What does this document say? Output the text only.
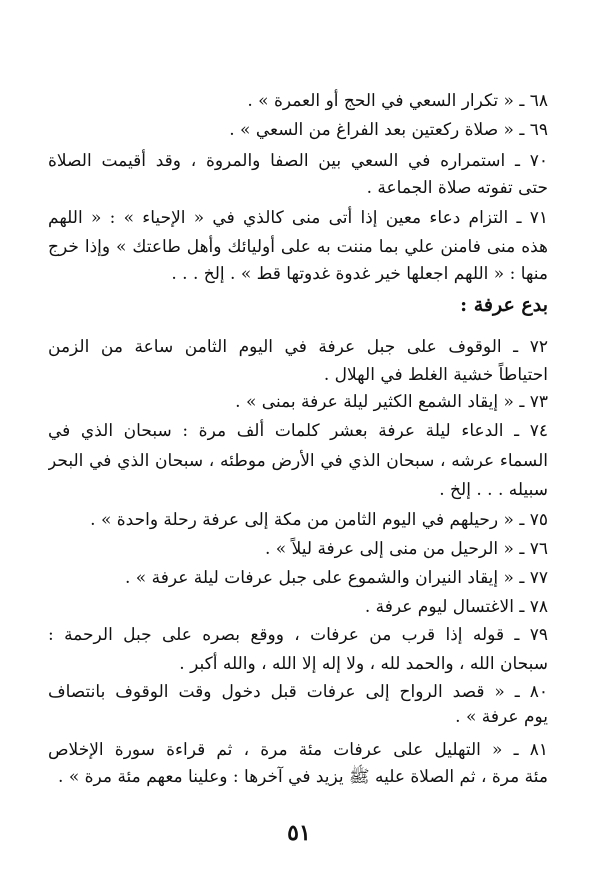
٦٨ ـ « تكرار السعي في الحج أو العمرة » .
٦٩ ـ « صلاة ركعتين بعد الفراغ من السعي » .
٧٠ ـ استمراره في السعي بين الصفا والمروة ، وقد أقيمت الصلاة
حتى تفوته صلاة الجماعة .
٧١ ـ التزام دعاء معين إذا أتى منى كالذي في « الإحياء » : « اللهم
هذه منى فامنن علي بما مننت به على أوليائك وأهل طاعتك » وإذا خرج
منها : « اللهم اجعلها خير غدوة غدوتها قط » . إلخ . . .
بدع عرفة :
٧٢ ـ الوقوف على جبل عرفة في اليوم الثامن ساعة من الزمن
احتياطاً خشية الغلط في الهلال .
٧٣ ـ « إيقاد الشمع الكثير ليلة عرفة بمنى » .
٧٤ ـ الدعاء ليلة عرفة بعشر كلمات ألف مرة : سبحان الذي في
السماء عرشه ، سبحان الذي في الأرض موطئه ، سبحان الذي في البحر
سبيله . . . إلخ .
٧٥ ـ « رحيلهم في اليوم الثامن من مكة إلى عرفة رحلة واحدة » .
٧٦ ـ « الرحيل من منى إلى عرفة ليلاً » .
٧٧ ـ « إيقاد النيران والشموع على جبل عرفات ليلة عرفة » .
٧٨ ـ الاغتسال ليوم عرفة .
٧٩ ـ قوله إذا قرب من عرفات ، ووقع بصره على جبل الرحمة :
سبحان الله ، والحمد لله ، ولا إله إلا الله ، والله أكبر .
٨٠ ـ « قصد الرواح إلى عرفات قبل دخول وقت الوقوف بانتصاف
يوم عرفة » .
٨١ ـ « التهليل على عرفات مئة مرة ، ثم قراءة سورة الإخلاص
مئة مرة ، ثم الصلاة عليه ﷺ يزيد في آخرها : وعلينا معهم مئة مرة » .
٥١
